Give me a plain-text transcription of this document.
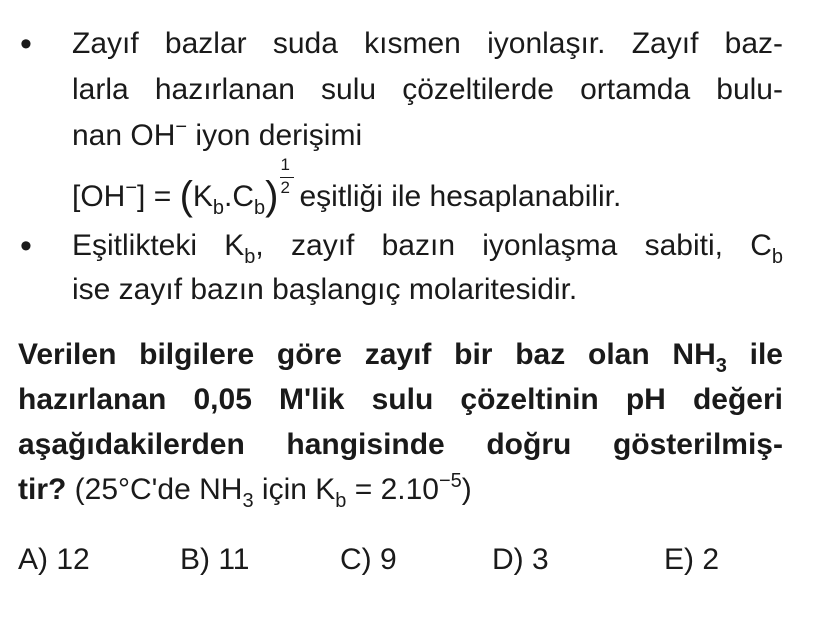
• Zayıf bazlar suda kısmen iyonlaşır. Zayıf baz-
larla hazırlanan sulu çözeltilerde ortamda bulu-
nan OH− iyon derişimi
$[OH^-] = (K_b.C_b) \frac{1}{2}$ eşitliği ile hesaplanabilir.
• Eşitlikteki $K_b$, zayıf bazın iyonlaşma sabiti, $C_b$
ise zayıf bazın başlangıç molaritesidir.
Verilen bilgilere göre zayıf bir baz olan $NH_3$ ile
hazırlanan 0,05 M'lik sulu çözeltinin pH değeri
aşağıdakilerden hangisinde doğru gösterilmiş-
tir? (25°C'de $NH_3$ için $K_b = 2.10^{-5}$)
A) 12	B) 11	C) 9	D) 3	E) 2
